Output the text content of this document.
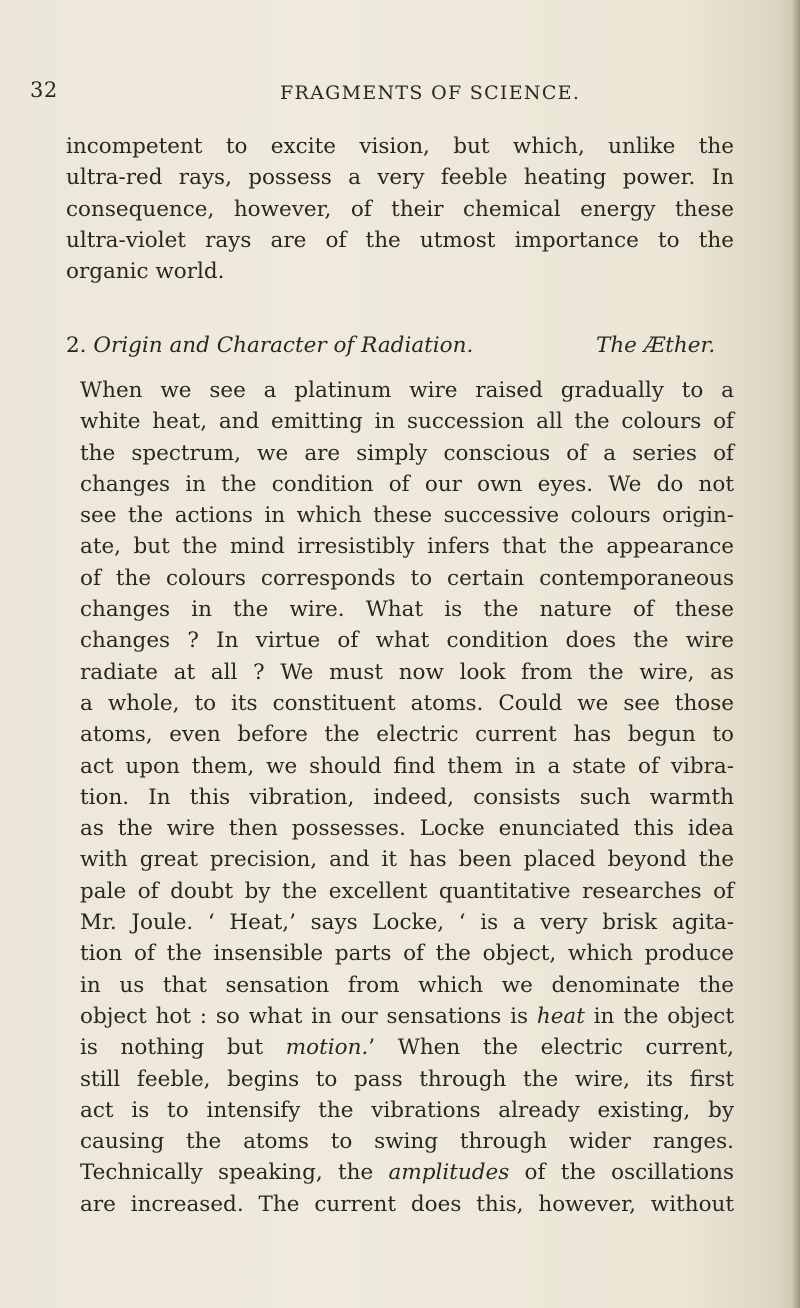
32	FRAGMENTS OF SCIENCE.
incompetent to excite vision, but which, unlike the
ultra-red rays, possess a very feeble heating power. In
consequence, however, of their chemical energy these
ultra-violet rays are of the utmost importance to the
organic world.
2. Origin and Character of Radiation.	The Æther.
When we see a platinum wire raised gradually to a
white heat, and emitting in succession all the colours of
the spectrum, we are simply conscious of a series of
changes in the condition of our own eyes. We do not
see the actions in which these successive colours origin-
ate, but the mind irresistibly infers that the appearance
of the colours corresponds to certain contemporaneous
changes in the wire. What is the nature of these
changes ? In virtue of what condition does the wire
radiate at all ? We must now look from the wire, as
a whole, to its constituent atoms. Could we see those
atoms, even before the electric current has begun to
act upon them, we should find them in a state of vibra-
tion. In this vibration, indeed, consists such warmth
as the wire then possesses. Locke enunciated this idea
with great precision, and it has been placed beyond the
pale of doubt by the excellent quantitative researches of
Mr. Joule. ‘ Heat,’ says Locke, ‘ is a very brisk agita-
tion of the insensible parts of the object, which produce
in us that sensation from which we denominate the
object hot : so what in our sensations is heat in the object
is nothing but motion.’ When the electric current,
still feeble, begins to pass through the wire, its first
act is to intensify the vibrations already existing, by
causing the atoms to swing through wider ranges.
Technically speaking, the amplitudes of the oscillations
are increased. The current does this, however, without
